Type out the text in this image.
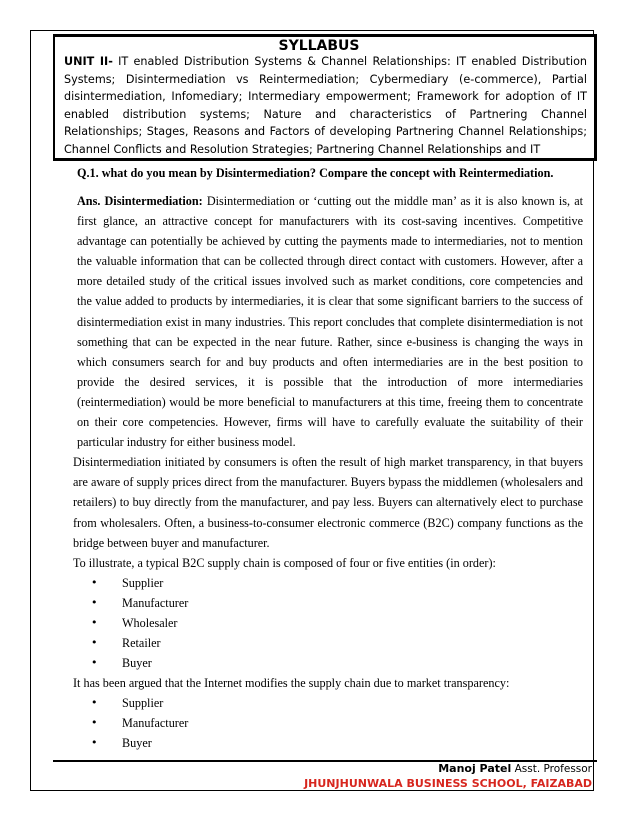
SYLLABUS
UNIT II- IT enabled Distribution Systems & Channel Relationships: IT enabled Distribution Systems; Disintermediation vs Reintermediation; Cybermediary (e-commerce), Partial disintermediation, Infomediary; Intermediary empowerment; Framework for adoption of IT enabled distribution systems; Nature and characteristics of Partnering Channel Relationships; Stages, Reasons and Factors of developing Partnering Channel Relationships; Channel Conflicts and Resolution Strategies; Partnering Channel Relationships and IT

Q.1. what do you mean by Disintermediation? Compare the concept with Reintermediation.

Ans. Disintermediation: Disintermediation or ‘cutting out the middle man’ as it is also known is, at first glance, an attractive concept for manufacturers with its cost-saving incentives. Competitive advantage can potentially be achieved by cutting the payments made to intermediaries, not to mention the valuable information that can be collected through direct contact with customers. However, after a more detailed study of the critical issues involved such as market conditions, core competencies and the value added to products by intermediaries, it is clear that some significant barriers to the success of disintermediation exist in many industries. This report concludes that complete disintermediation is not something that can be expected in the near future. Rather, since e-business is changing the ways in which consumers search for and buy products and often intermediaries are in the best position to provide the desired services, it is possible that the introduction of more intermediaries (reintermediation) would be more beneficial to manufacturers at this time, freeing them to concentrate on their core competencies. However, firms will have to carefully evaluate the suitability of their particular industry for either business model.

Disintermediation initiated by consumers is often the result of high market transparency, in that buyers are aware of supply prices direct from the manufacturer. Buyers bypass the middlemen (wholesalers and retailers) to buy directly from the manufacturer, and pay less. Buyers can alternatively elect to purchase from wholesalers. Often, a business-to-consumer electronic commerce (B2C) company functions as the bridge between buyer and manufacturer.

To illustrate, a typical B2C supply chain is composed of four or five entities (in order):

• Supplier
• Manufacturer
• Wholesaler
• Retailer
• Buyer

It has been argued that the Internet modifies the supply chain due to market transparency:

• Supplier
• Manufacturer
• Buyer
Manoj Patel Asst. Professor
JHUNJHUNWALA BUSINESS SCHOOL, FAIZABAD
